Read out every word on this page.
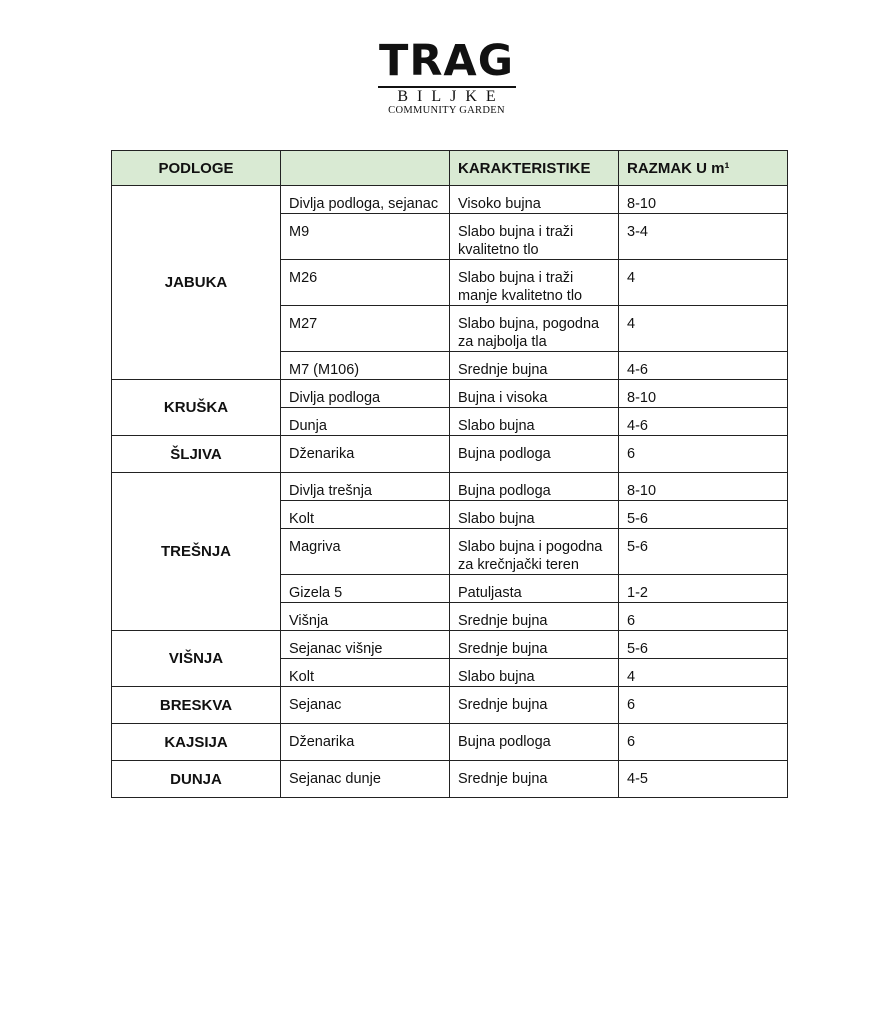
TRAG
BILJKE
COMMUNITY GARDEN
PODLOGE		KARAKTERISTIKE	RAZMAK U m¹
JABUKA	Divlja podloga, sejanac	Visoko bujna	8-10
	M9	Slabo bujna i traži kvalitetno tlo	3-4
	M26	Slabo bujna i traži manje kvalitetno tlo	4
	M27	Slabo bujna, pogodna za najbolja tla	4
	M7 (M106)	Srednje bujna	4-6
KRUŠKA	Divlja podloga	Bujna i visoka	8-10
	Dunja	Slabo bujna	4-6
ŠLJIVA	Dženarika	Bujna podloga	6
TREŠNJA	Divlja trešnja	Bujna podloga	8-10
	Kolt	Slabo bujna	5-6
	Magriva	Slabo bujna i pogodna za krečnjački teren	5-6
	Gizela 5	Patuljasta	1-2
	Višnja	Srednje bujna	6
VIŠNJA	Sejanac višnje	Srednje bujna	5-6
	Kolt	Slabo bujna	4
BRESKVA	Sejanac	Srednje bujna	6
KAJSIJA	Dženarika	Bujna podloga	6
DUNJA	Sejanac dunje	Srednje bujna	4-5
